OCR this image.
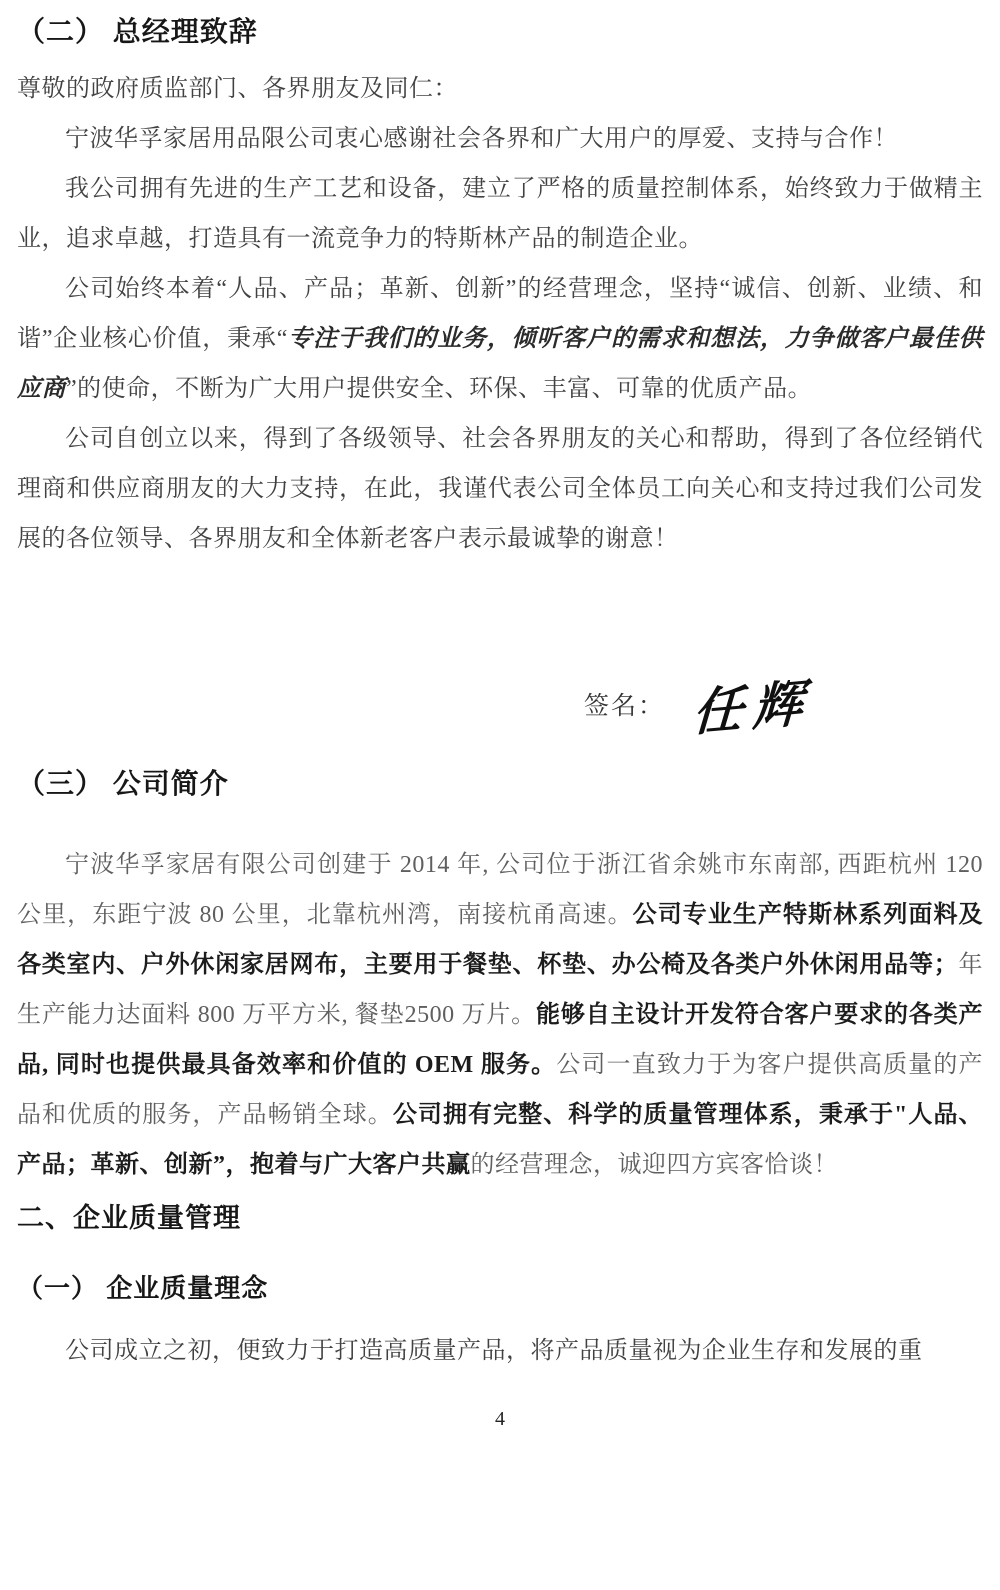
（二） 总经理致辞

尊敬的政府质监部门、各界朋友及同仁：

宁波华孚家居用品限公司衷心感谢社会各界和广大用户的厚爱、支持与合作！

我公司拥有先进的生产工艺和设备，建立了严格的质量控制体系，始终致力于做精主业，追求卓越，打造具有一流竞争力的特斯林产品的制造企业。

公司始终本着“人品、产品；革新、创新”的经营理念，坚持“诚信、创新、业绩、和谐”企业核心价值，秉承“专注于我们的业务，倾听客户的需求和想法，力争做客户最佳供应商”的使命，不断为广大用户提供安全、环保、丰富、可靠的优质产品。

公司自创立以来，得到了各级领导、社会各界朋友的关心和帮助，得到了各位经销代理商和供应商朋友的大力支持，在此，我谨代表公司全体员工向关心和支持过我们公司发展的各位领导、各界朋友和全体新老客户表示最诚挚的谢意！

签名： 任辉
（三） 公司简介

宁波华孚家居有限公司创建于 2014 年, 公司位于浙江省余姚市东南部, 西距杭州 120 公里，东距宁波 80 公里，北靠杭州湾，南接杭甬高速。公司专业生产特斯林系列面料及各类室内、户外休闲家居网布，主要用于餐垫、杯垫、办公椅及各类户外休闲用品等；年生产能力达面料 800 万平方米, 餐垫2500 万片。能够自主设计开发符合客户要求的各类产品, 同时也提供最具备效率和价值的 OEM 服务。公司一直致力于为客户提供高质量的产品和优质的服务，产品畅销全球。公司拥有完整、科学的质量管理体系，秉承于"人品、产品；革新、创新”，抱着与广大客户共赢的经营理念，诚迎四方宾客恰谈！

二、企业质量管理
（一） 企业质量理念

公司成立之初，便致力于打造高质量产品，将产品质量视为企业生存和发展的重

4
